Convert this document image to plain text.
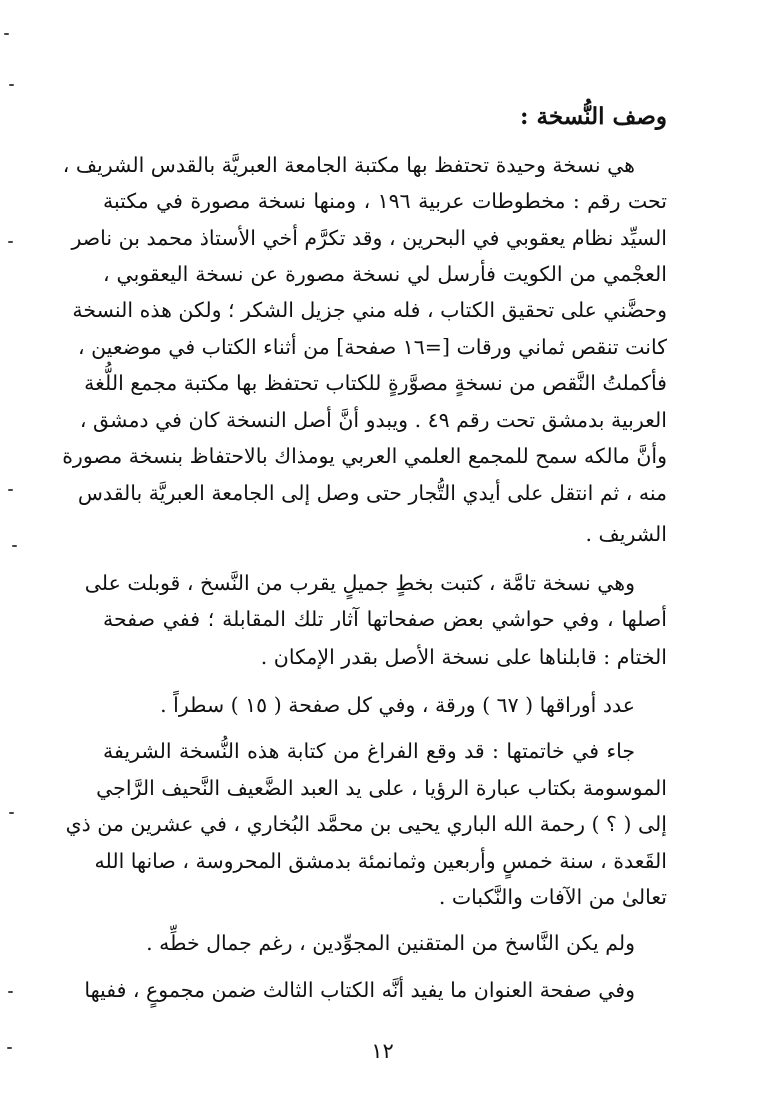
وصف النُّسخة :
هي نسخة وحيدة تحتفظ بها مكتبة الجامعة العبريَّة بالقدس الشريف ،
تحت رقم : مخطوطات عربية ١٩٦ ، ومنها نسخة مصورة في مكتبة
السيِّد نظام يعقوبي في البحرين ، وقد تكرَّم أخي الأستاذ محمد بن ناصر
العجْمي من الكويت فأرسل لي نسخة مصورة عن نسخة اليعقوبي ،
وحضَّني على تحقيق الكتاب ، فله مني جزيل الشكر ؛ ولكن هذه النسخة
كانت تنقص ثماني ورقات [=١٦ صفحة] من أثناء الكتاب في موضعين ،
فأكملتُ النَّقص من نسخةٍ مصوَّرةٍ للكتاب تحتفظ بها مكتبة مجمع اللُّغة
العربية بدمشق تحت رقم ٤٩ . ويبدو أنَّ أصل النسخة كان في دمشق ،
وأنَّ مالكه سمح للمجمع العلمي العربي يومذاك بالاحتفاظ بنسخة مصورة
منه ، ثم انتقل على أيدي التُّجار حتى وصل إلى الجامعة العبريَّة بالقدس
الشريف .
وهي نسخة تامَّة ، كتبت بخطٍ جميلٍ يقرب من النَّسخ ، قوبلت على
أصلها ، وفي حواشي بعض صفحاتها آثار تلك المقابلة ؛ ففي صفحة
الختام : قابلناها على نسخة الأصل بقدر الإمكان .
عدد أوراقها ( ٦٧ ) ورقة ، وفي كل صفحة ( ١٥ ) سطراً .
جاء في خاتمتها : قد وقع الفراغ من كتابة هذه النُّسخة الشريفة
الموسومة بكتاب عبارة الرؤيا ، على يد العبد الضَّعيف النَّحيف الرَّاجي
إلى ( ؟ ) رحمة الله الباري يحيى بن محمَّد البُخاري ، في عشرين من ذي
القَعدة ، سنة خمسٍ وأربعين وثمانمئة بدمشق المحروسة ، صانها الله
تعالىٰ من الآفات والنَّكبات .
ولم يكن النَّاسخ من المتقنين المجوِّدين ، رغم جمال خطِّه .
وفي صفحة العنوان ما يفيد أنَّه الكتاب الثالث ضمن مجموعٍ ، ففيها
١٢
